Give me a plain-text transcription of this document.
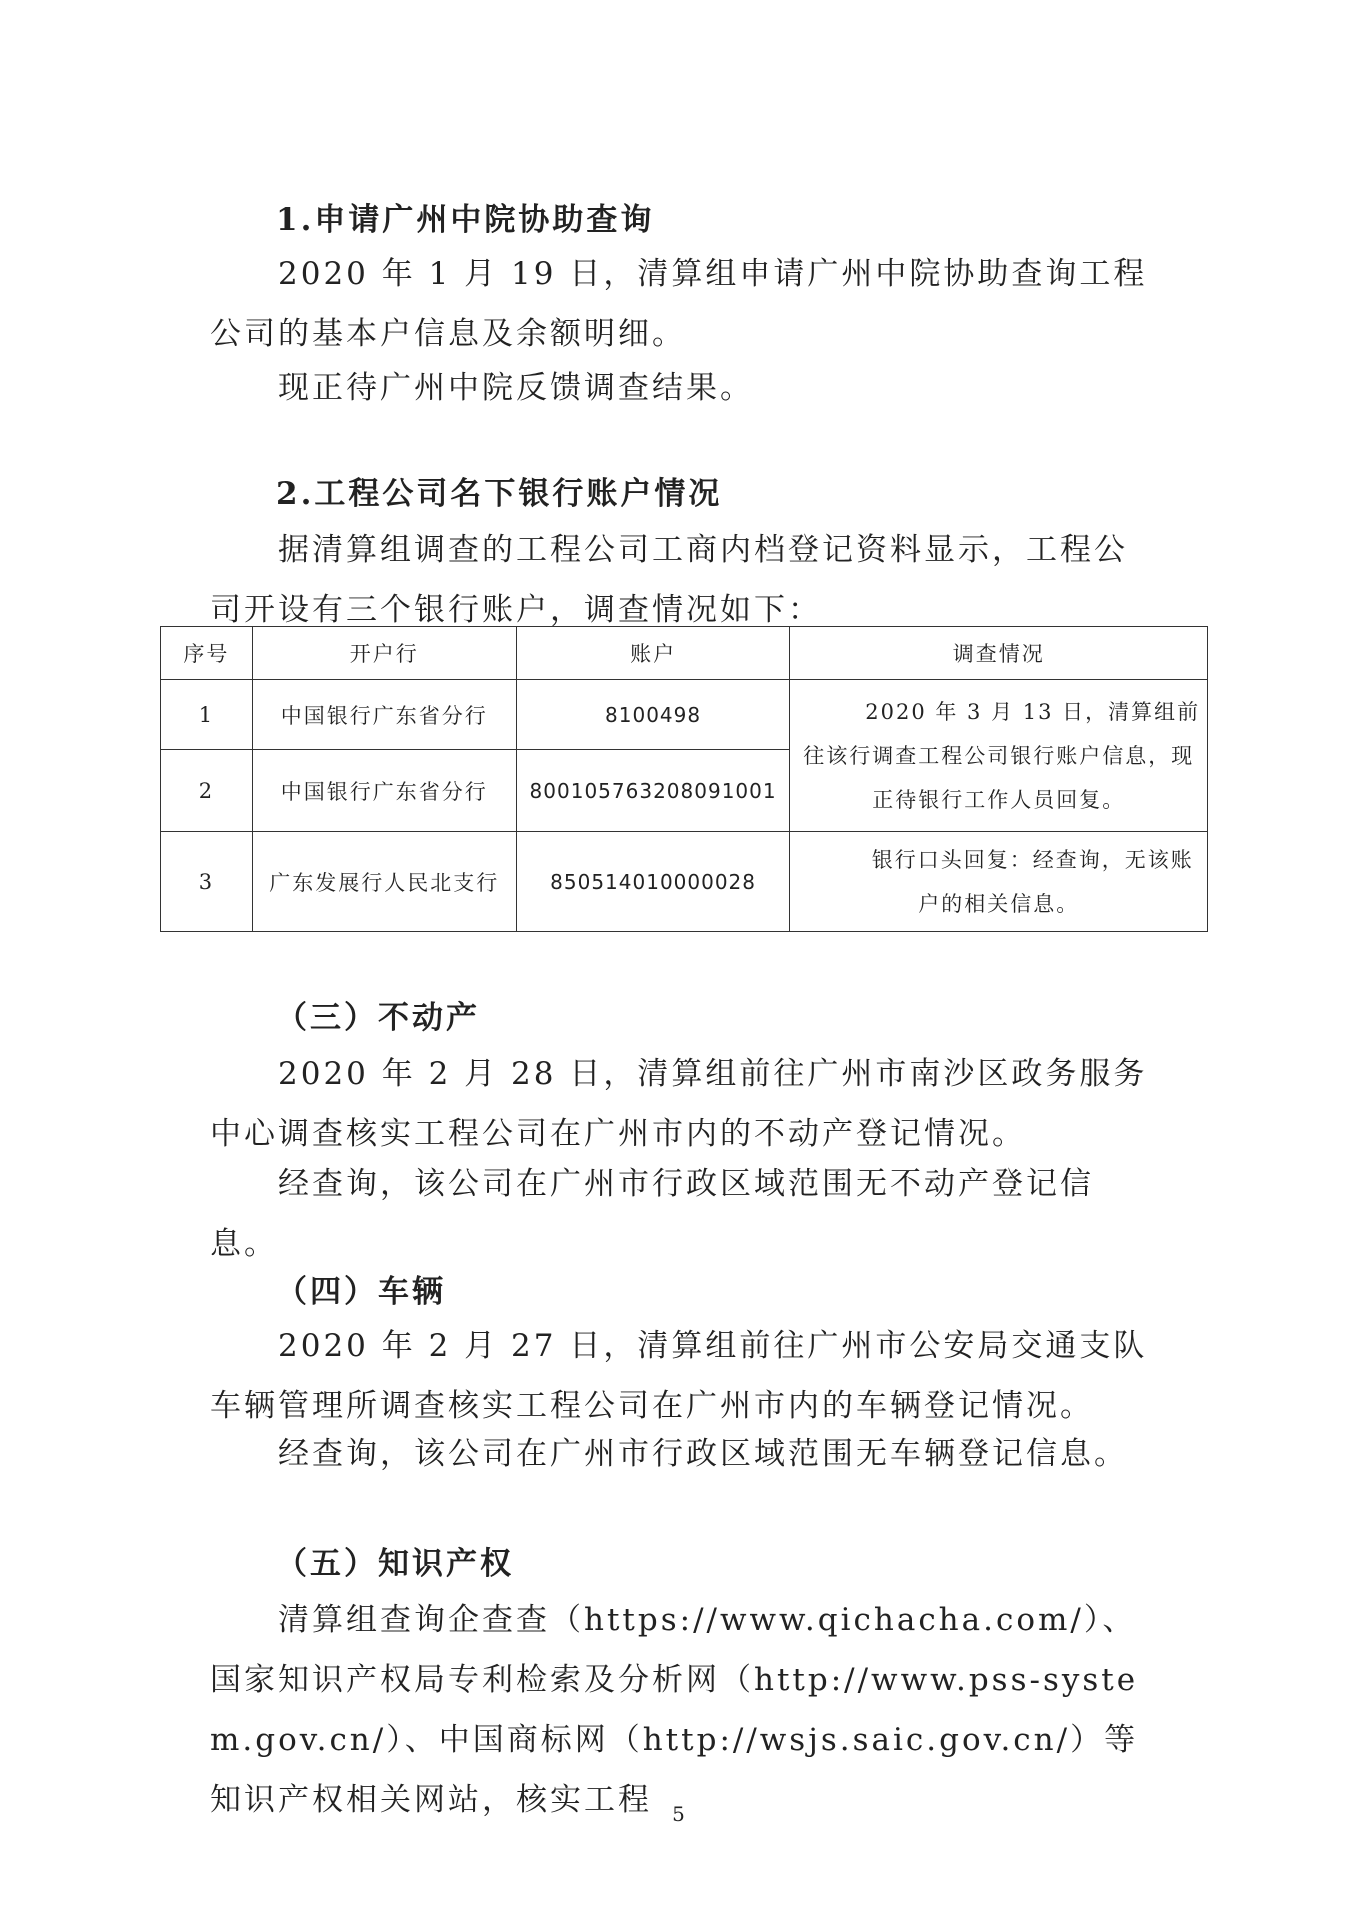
1.申请广州中院协助查询

2020 年 1 月 19 日，清算组申请广州中院协助查询工程公司的基本户信息及余额明细。

现正待广州中院反馈调查结果。

2.工程公司名下银行账户情况

据清算组调查的工程公司工商内档登记资料显示，工程公司开设有三个银行账户，调查情况如下：

序号	开户行	账户	调查情况
1	中国银行广东省分行	8100498	2020 年 3 月 13 日，清算组前往该行调查工程公司银行账户信息，现正待银行工作人员回复。
2	中国银行广东省分行	800105763208091001	
3	广东发展行人民北支行	850514010000028	银行口头回复：经查询，无该账户的相关信息。

（三）不动产

2020 年 2 月 28 日，清算组前往广州市南沙区政务服务中心调查核实工程公司在广州市内的不动产登记情况。

经查询，该公司在广州市行政区域范围无不动产登记信息。

（四）车辆

2020 年 2 月 27 日，清算组前往广州市公安局交通支队车辆管理所调查核实工程公司在广州市内的车辆登记情况。

经查询，该公司在广州市行政区域范围无车辆登记信息。

（五）知识产权

清算组查询企查查（https://www.qichacha.com/）、国家知识产权局专利检索及分析网（http://www.pss-system.gov.cn/）、中国商标网（http://wsjs.saic.gov.cn/）等知识产权相关网站，核实工程	5
